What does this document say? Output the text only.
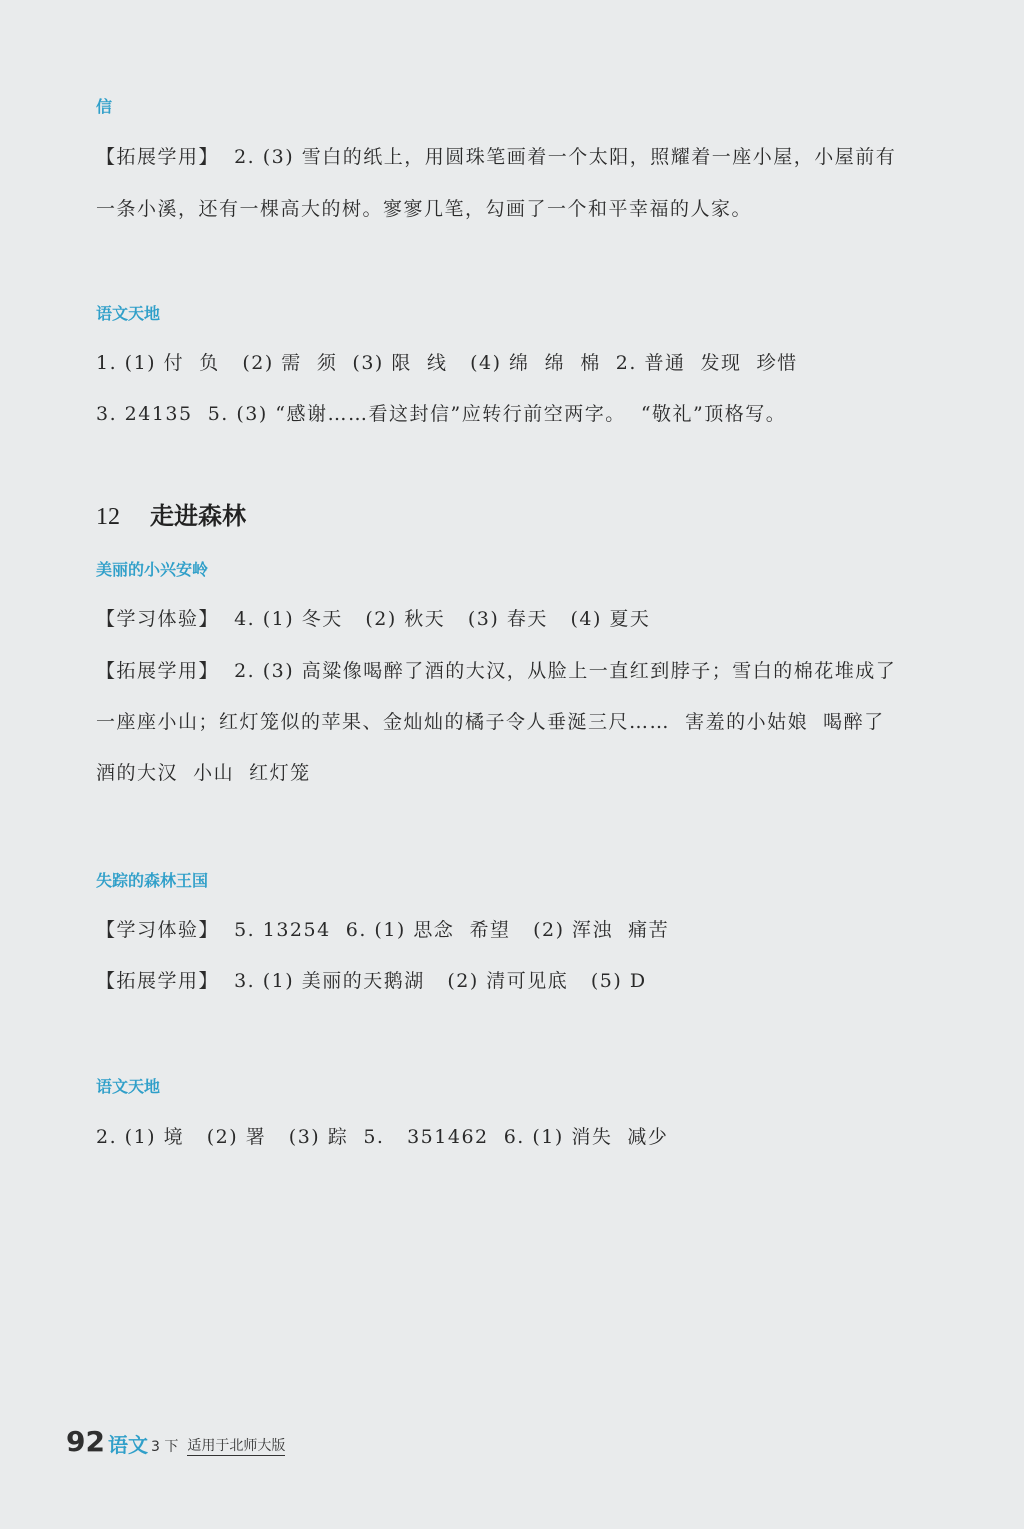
信
【拓展学用】  2. (3) 雪白的纸上，用圆珠笔画着一个太阳，照耀着一座小屋，小屋前有
一条小溪，还有一棵高大的树。寥寥几笔，勾画了一个和平幸福的人家。
语文天地
1. (1) 付  负   (2) 需  须  (3) 限  线   (4) 绵  绵  棉  2. 普通  发现  珍惜
3. 24135  5. (3) “感谢……看这封信”应转行前空两字。  “敬礼”顶格写。
12 走进森林
美丽的小兴安岭
【学习体验】  4. (1) 冬天   (2) 秋天   (3) 春天   (4) 夏天
【拓展学用】  2. (3) 高粱像喝醉了酒的大汉，从脸上一直红到脖子；雪白的棉花堆成了
一座座小山；红灯笼似的苹果、金灿灿的橘子令人垂涎三尺……  害羞的小姑娘  喝醉了
酒的大汉  小山  红灯笼
失踪的森林王国
【学习体验】  5. 13254  6. (1) 思念  希望   (2) 浑浊  痛苦
【拓展学用】  3. (1) 美丽的天鹅湖   (2) 清可见底   (5) D
语文天地
2. (1) 境   (2) 署   (3) 踪  5.   351462  6. (1) 消失  减少
92 语文 3 下 适用于北师大版
